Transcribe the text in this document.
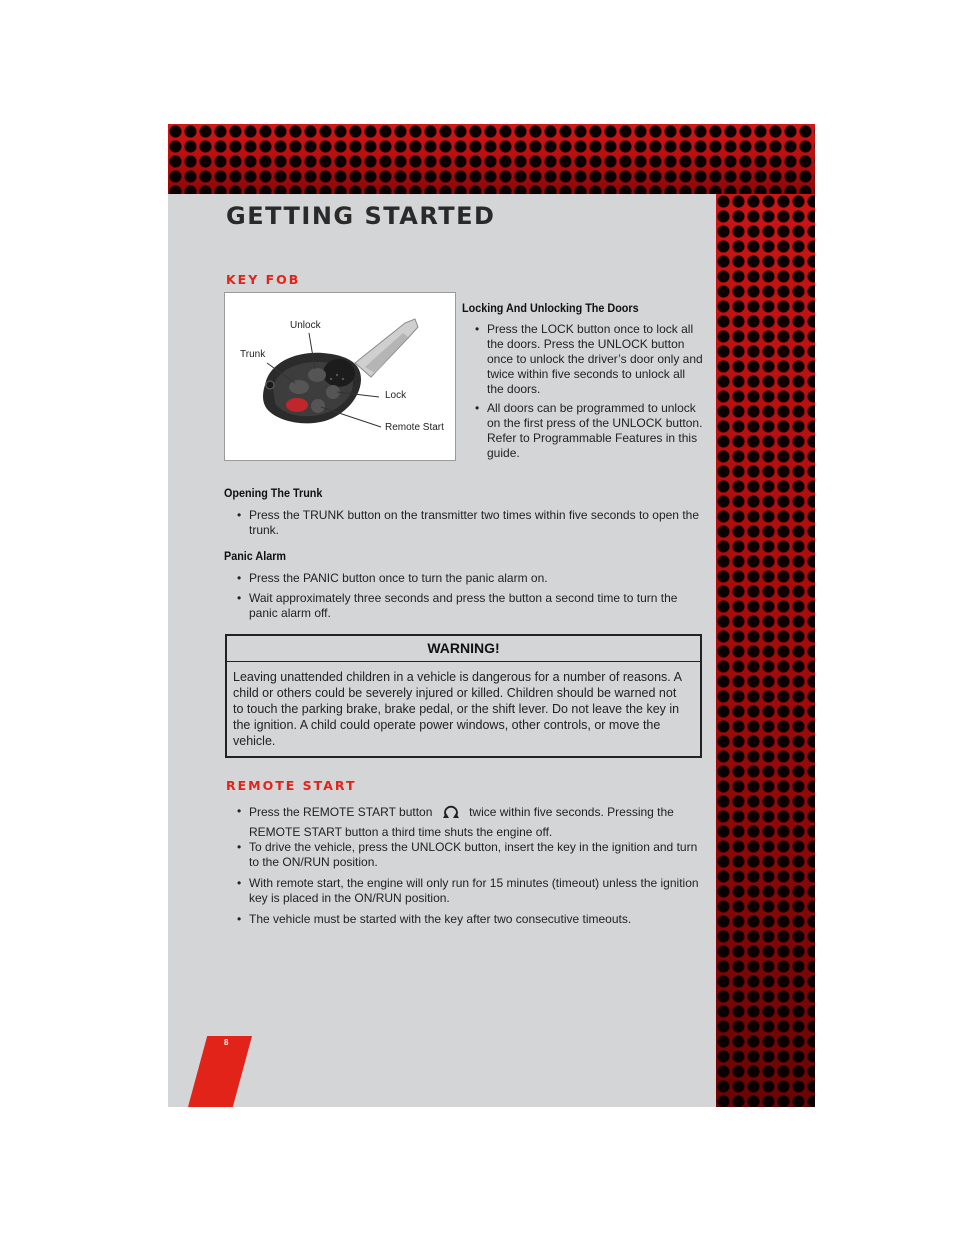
GETTING STARTED
KEY FOB
Unlock
Trunk
Lock
Remote Start
Locking And Unlocking The Doors
• Press the LOCK button once to lock all the doors. Press the UNLOCK button once to unlock the driver’s door only and twice within five seconds to unlock all the doors.
• All doors can be programmed to unlock on the first press of the UNLOCK button. Refer to Programmable Features in this guide.
Opening The Trunk
• Press the TRUNK button on the transmitter two times within five seconds to open the trunk.
Panic Alarm
• Press the PANIC button once to turn the panic alarm on.
• Wait approximately three seconds and press the button a second time to turn the panic alarm off.
WARNING!
Leaving unattended children in a vehicle is dangerous for a number of reasons. A child or others could be severely injured or killed. Children should be warned not to touch the parking brake, brake pedal, or the shift lever. Do not leave the key in the ignition. A child could operate power windows, other controls, or move the vehicle.
REMOTE START
• Press the REMOTE START button	twice within five seconds. Pressing the
REMOTE START button a third time shuts the engine off.
• To drive the vehicle, press the UNLOCK button, insert the key in the ignition and turn to the ON/RUN position.
• With remote start, the engine will only run for 15 minutes (timeout) unless the ignition key is placed in the ON/RUN position.
• The vehicle must be started with the key after two consecutive timeouts.
8
